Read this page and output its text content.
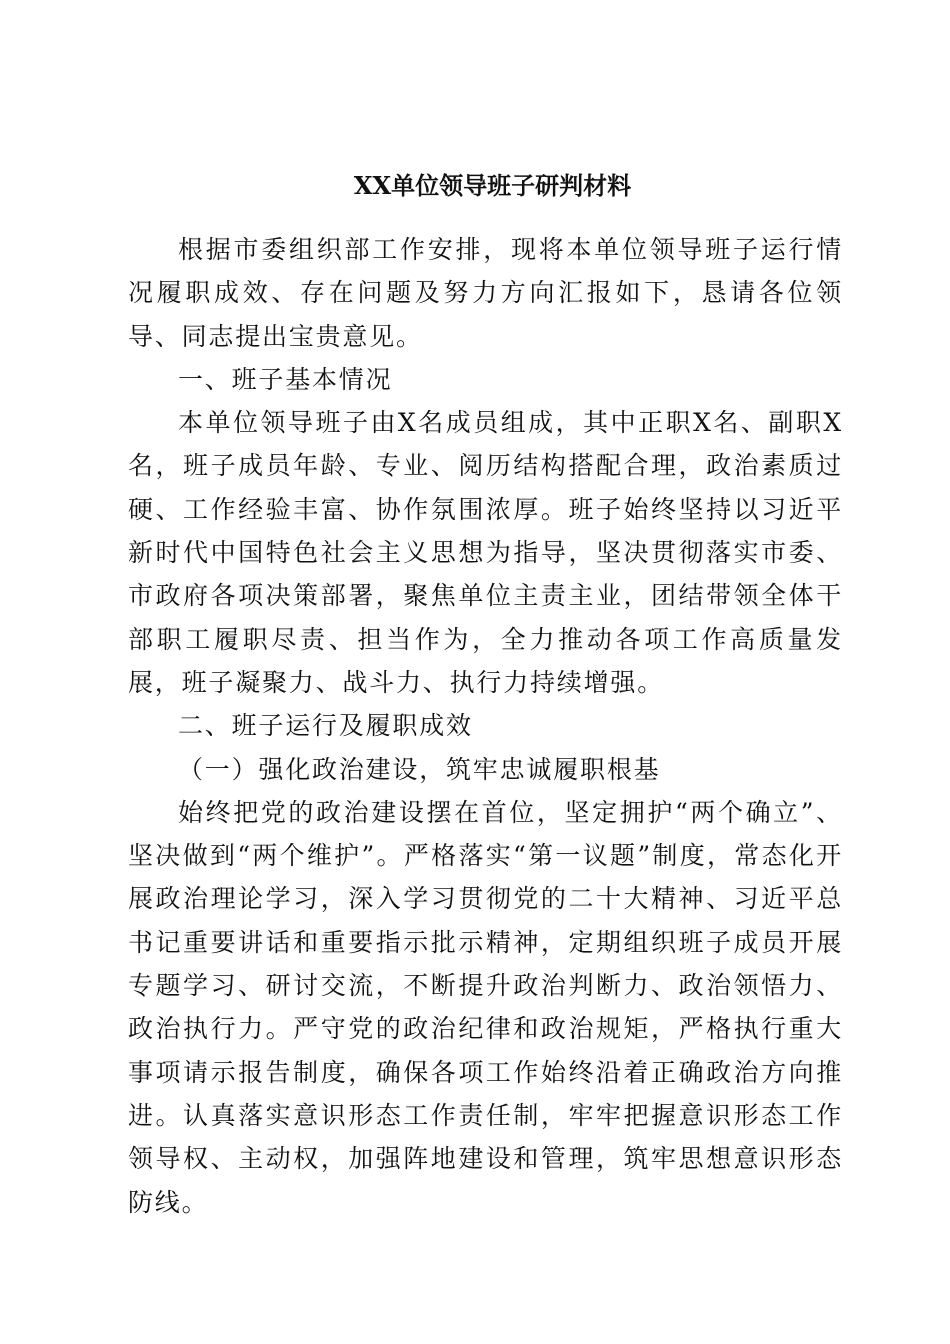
XX单位领导班子研判材料

根据市委组织部工作安排，现将本单位领导班子运行情况履职成效、存在问题及努力方向汇报如下，恳请各位领导、同志提出宝贵意见。

一、班子基本情况

本单位领导班子由X名成员组成，其中正职X名、副职X名，班子成员年龄、专业、阅历结构搭配合理，政治素质过硬、工作经验丰富、协作氛围浓厚。班子始终坚持以习近平新时代中国特色社会主义思想为指导，坚决贯彻落实市委、市政府各项决策部署，聚焦单位主责主业，团结带领全体干部职工履职尽责、担当作为，全力推动各项工作高质量发展，班子凝聚力、战斗力、执行力持续增强。

二、班子运行及履职成效

（一）强化政治建设，筑牢忠诚履职根基

始终把党的政治建设摆在首位，坚定拥护“两个确立”、坚决做到“两个维护”。严格落实“第一议题”制度，常态化开展政治理论学习，深入学习贯彻党的二十大精神、习近平总书记重要讲话和重要指示批示精神，定期组织班子成员开展专题学习、研讨交流，不断提升政治判断力、政治领悟力、政治执行力。严守党的政治纪律和政治规矩，严格执行重大事项请示报告制度，确保各项工作始终沿着正确政治方向推进。认真落实意识形态工作责任制，牢牢把握意识形态工作领导权、主动权，加强阵地建设和管理，筑牢思想意识形态防线。
